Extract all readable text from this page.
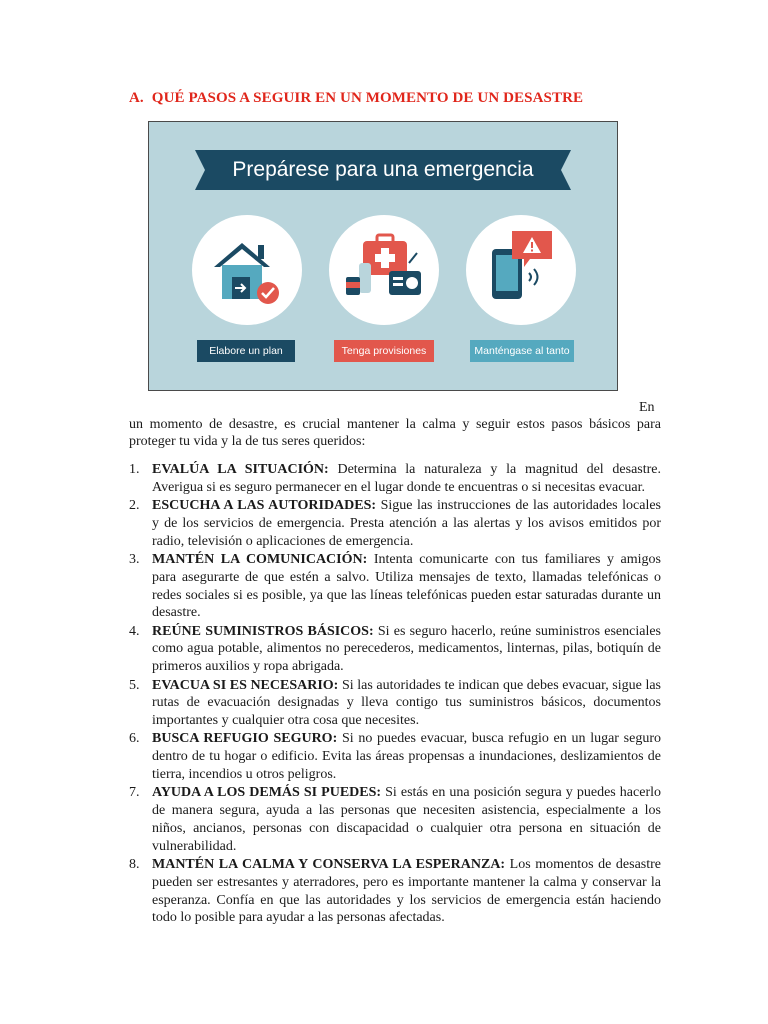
A. QUÉ PASOS A SEGUIR EN UN MOMENTO DE UN DESASTRE
Prepárese para una emergencia
Elabore un plan	Tenga provisiones	Manténgase al tanto
En
un momento de desastre, es crucial mantener la calma y seguir estos pasos básicos para proteger tu vida y la de tus seres queridos:
1. EVALÚA LA SITUACIÓN: Determina la naturaleza y la magnitud del desastre. Averigua si es seguro permanecer en el lugar donde te encuentras o si necesitas evacuar.
2. ESCUCHA A LAS AUTORIDADES: Sigue las instrucciones de las autoridades locales y de los servicios de emergencia. Presta atención a las alertas y los avisos emitidos por radio, televisión o aplicaciones de emergencia.
3. MANTÉN LA COMUNICACIÓN: Intenta comunicarte con tus familiares y amigos para asegurarte de que estén a salvo. Utiliza mensajes de texto, llamadas telefónicas o redes sociales si es posible, ya que las líneas telefónicas pueden estar saturadas durante un desastre.
4. REÚNE SUMINISTROS BÁSICOS: Si es seguro hacerlo, reúne suministros esenciales como agua potable, alimentos no perecederos, medicamentos, linternas, pilas, botiquín de primeros auxilios y ropa abrigada.
5. EVACUA SI ES NECESARIO: Si las autoridades te indican que debes evacuar, sigue las rutas de evacuación designadas y lleva contigo tus suministros básicos, documentos importantes y cualquier otra cosa que necesites.
6. BUSCA REFUGIO SEGURO: Si no puedes evacuar, busca refugio en un lugar seguro dentro de tu hogar o edificio. Evita las áreas propensas a inundaciones, deslizamientos de tierra, incendios u otros peligros.
7. AYUDA A LOS DEMÁS SI PUEDES: Si estás en una posición segura y puedes hacerlo de manera segura, ayuda a las personas que necesiten asistencia, especialmente a los niños, ancianos, personas con discapacidad o cualquier otra persona en situación de vulnerabilidad.
8. MANTÉN LA CALMA Y CONSERVA LA ESPERANZA: Los momentos de desastre pueden ser estresantes y aterradores, pero es importante mantener la calma y conservar la esperanza. Confía en que las autoridades y los servicios de emergencia están haciendo todo lo posible para ayudar a las personas afectadas.
